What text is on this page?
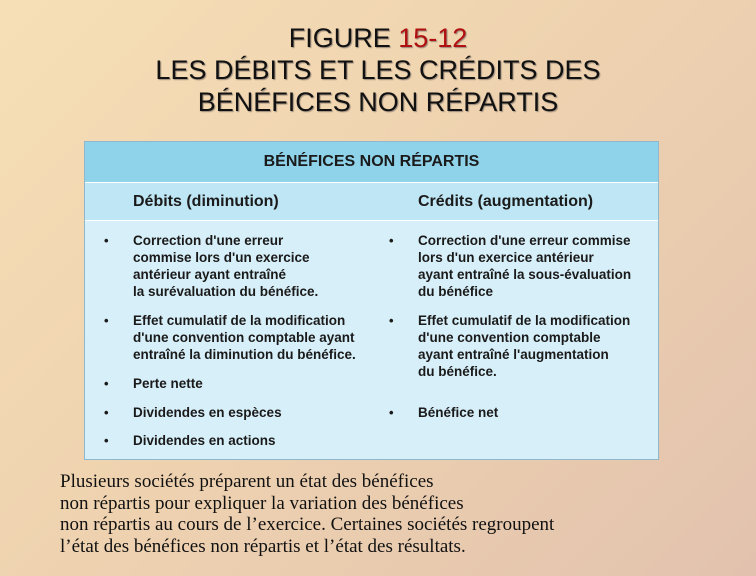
FIGURE 15-12
LES DÉBITS ET LES CRÉDITS DES
BÉNÉFICES NON RÉPARTIS
BÉNÉFICES NON RÉPARTIS
Débits (diminution)	Crédits (augmentation)
• Correction d'une erreur
commise lors d'un exercice
antérieur ayant entraîné
la surévaluation du bénéfice.
• Effet cumulatif de la modification
d'une convention comptable ayant
entraîné la diminution du bénéfice.
• Perte nette
• Dividendes en espèces
• Dividendes en actions
• Correction d'une erreur commise
lors d'un exercice antérieur
ayant entraîné la sous-évaluation
du bénéfice
• Effet cumulatif de la modification
d'une convention comptable
ayant entraîné l'augmentation
du bénéfice.
• Bénéfice net
Plusieurs sociétés préparent un état des bénéfices
non répartis pour expliquer la variation des bénéfices
non répartis au cours de l’exercice. Certaines sociétés regroupent
l’état des bénéfices non répartis et l’état des résultats.
